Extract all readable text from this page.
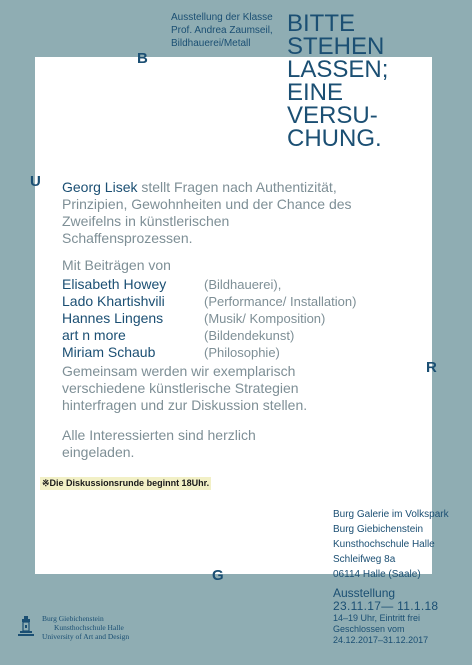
Ausstellung der Klasse
Prof. Andrea Zaumseil,
Bildhauerei/Metall
BITTE
STEHEN
LASSEN;
EINE
VERSU-
CHUNG.
B
U
R
G
Georg Lisek stellt Fragen nach Authentizität, Prinzipien, Gewohnheiten und der Chance des Zweifelns in künstlerischen Schaffensprozessen.
Mit Beiträgen von
Elisabeth Howey	(Bildhauerei),
Lado Khartishvili	(Performance/ Installation)
Hannes Lingens	(Musik/ Komposition)
art n more	(Bildendekunst)
Miriam Schaub	(Philosophie)
Gemeinsam werden wir exemplarisch verschiedene künstlerische Strategien hinterfragen und zur Diskussion stellen.
Alle Interessierten sind herzlich eingeladen.
※Die Diskussionsrunde beginnt 18Uhr.
Burg Galerie im Volkspark
Burg Giebichenstein
Kunsthochschule Halle
Schleifweg 8a
06114 Halle (Saale)
Ausstellung
23.11.17— 11.1.18
14–19 Uhr, Eintritt frei
Geschlossen vom
24.12.2017–31.12.2017
Burg Giebichenstein
Kunsthochschule Halle
University of Art and Design
